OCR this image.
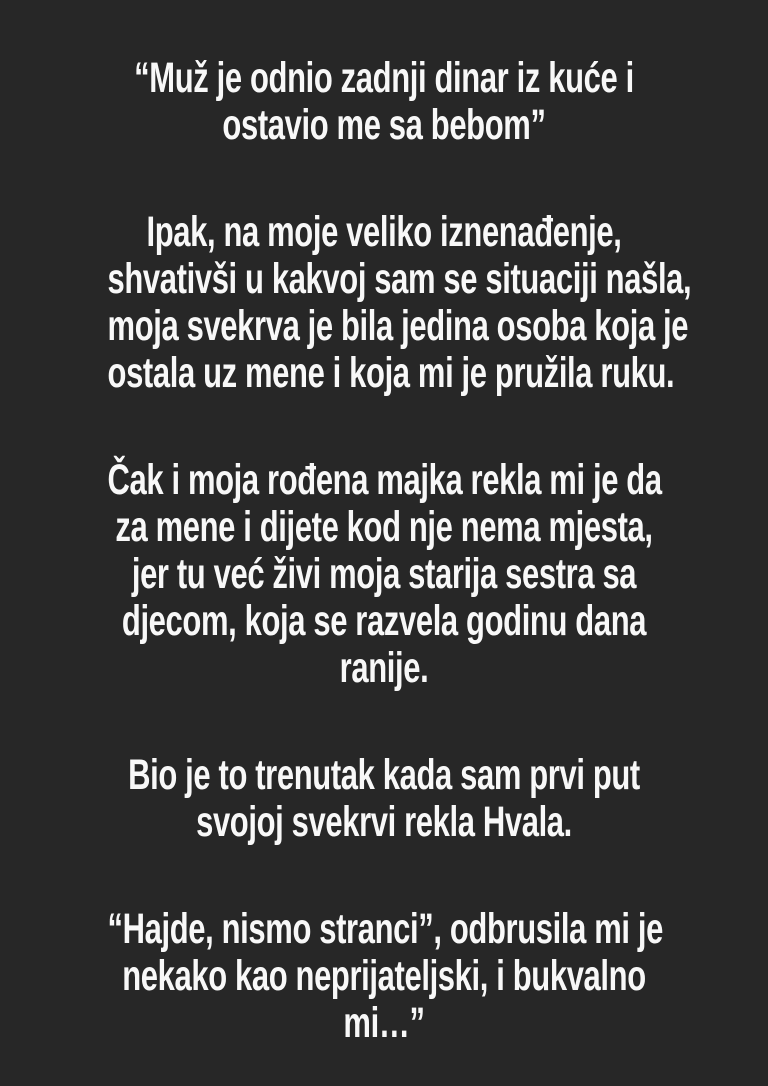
“Muž je odnio zadnji dinar iz kuće i
ostavio me sa bebom”
Ipak, na moje veliko iznenađenje,
shvativši u kakvoj sam se situaciji našla,
moja svekrva je bila jedina osoba koja je
ostala uz mene i koja mi je pružila ruku.
Čak i moja rođena majka rekla mi je da
za mene i dijete kod nje nema mjesta,
jer tu već živi moja starija sestra sa
djecom, koja se razvela godinu dana
ranije.
Bio je to trenutak kada sam prvi put
svojoj svekrvi rekla Hvala.
“Hajde, nismo stranci”, odbrusila mi je
nekako kao neprijateljski, i bukvalno
mi…”
